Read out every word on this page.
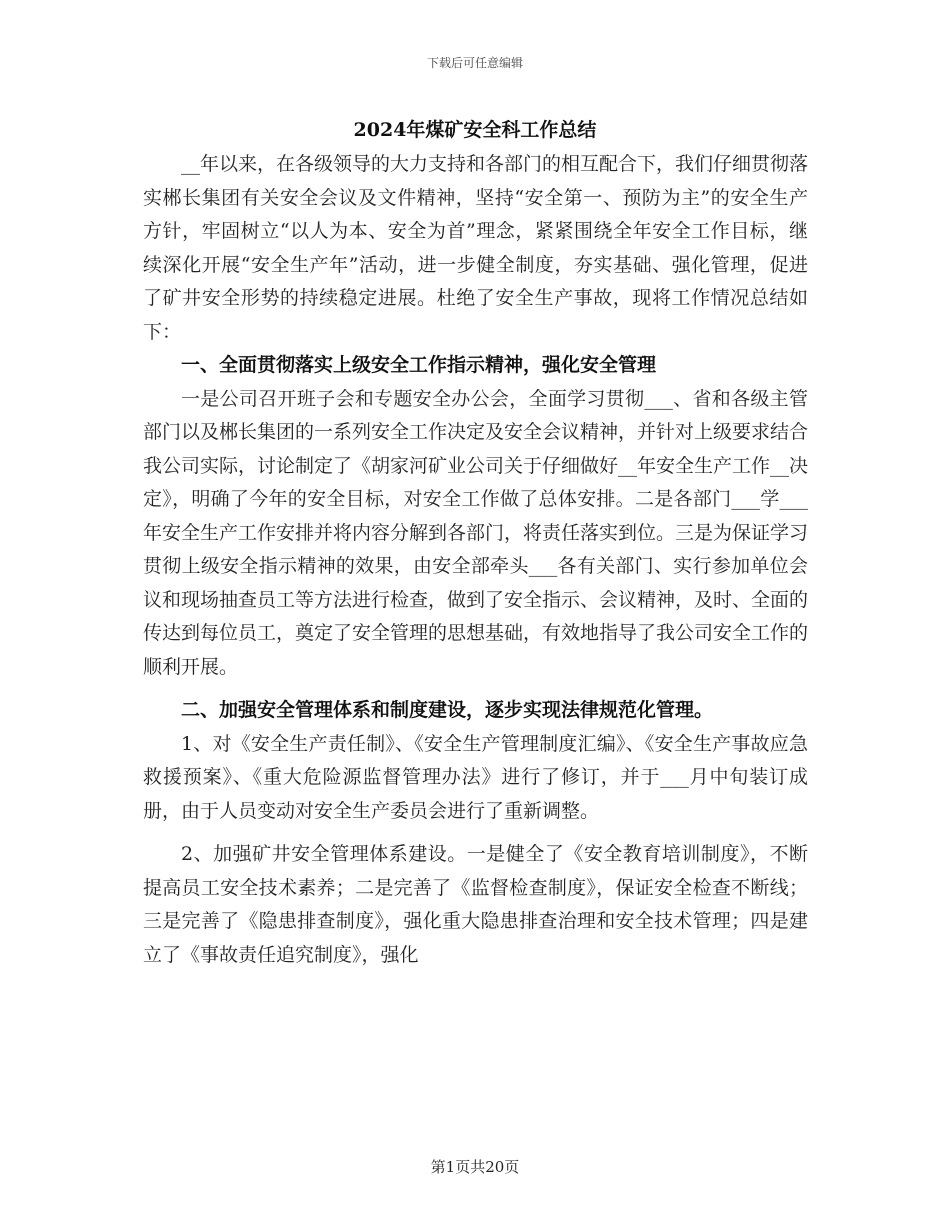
下载后可任意编辑
2024年煤矿安全科工作总结

__年以来，在各级领导的大力支持和各部门的相互配合下，我们仔细贯彻落实郴长集团有关安全会议及文件精神，坚持“安全第一、预防为主”的安全生产方针，牢固树立“以人为本、安全为首”理念，紧紧围绕全年安全工作目标，继续深化开展“安全生产年”活动，进一步健全制度，夯实基础、强化管理，促进了矿井安全形势的持续稳定进展。杜绝了安全生产事故，现将工作情况总结如下：

一、全面贯彻落实上级安全工作指示精神，强化安全管理

一是公司召开班子会和专题安全办公会，全面学习贯彻___、省和各级主管部门以及郴长集团的一系列安全工作决定及安全会议精神，并针对上级要求结合我公司实际，讨论制定了《胡家河矿业公司关于仔细做好__年安全生产工作__决定》，明确了今年的安全目标，对安全工作做了总体安排。二是各部门___学___年安全生产工作安排并将内容分解到各部门，将责任落实到位。三是为保证学习贯彻上级安全指示精神的效果，由安全部牵头___各有关部门、实行参加单位会议和现场抽查员工等方法进行检查，做到了安全指示、会议精神，及时、全面的传达到每位员工，奠定了安全管理的思想基础，有效地指导了我公司安全工作的顺利开展。

二、加强安全管理体系和制度建设，逐步实现法律规范化管理。

1、对《安全生产责任制》、《安全生产管理制度汇编》、《安全生产事故应急救援预案》、《重大危险源监督管理办法》进行了修订，并于___月中旬装订成册，由于人员变动对安全生产委员会进行了重新调整。

2、加强矿井安全管理体系建设。一是健全了《安全教育培训制度》，不断提高员工安全技术素养；二是完善了《监督检查制度》，保证安全检查不断线；三是完善了《隐患排查制度》，强化重大隐患排查治理和安全技术管理；四是建立了《事故责任追究制度》，强化

第1页共20页
